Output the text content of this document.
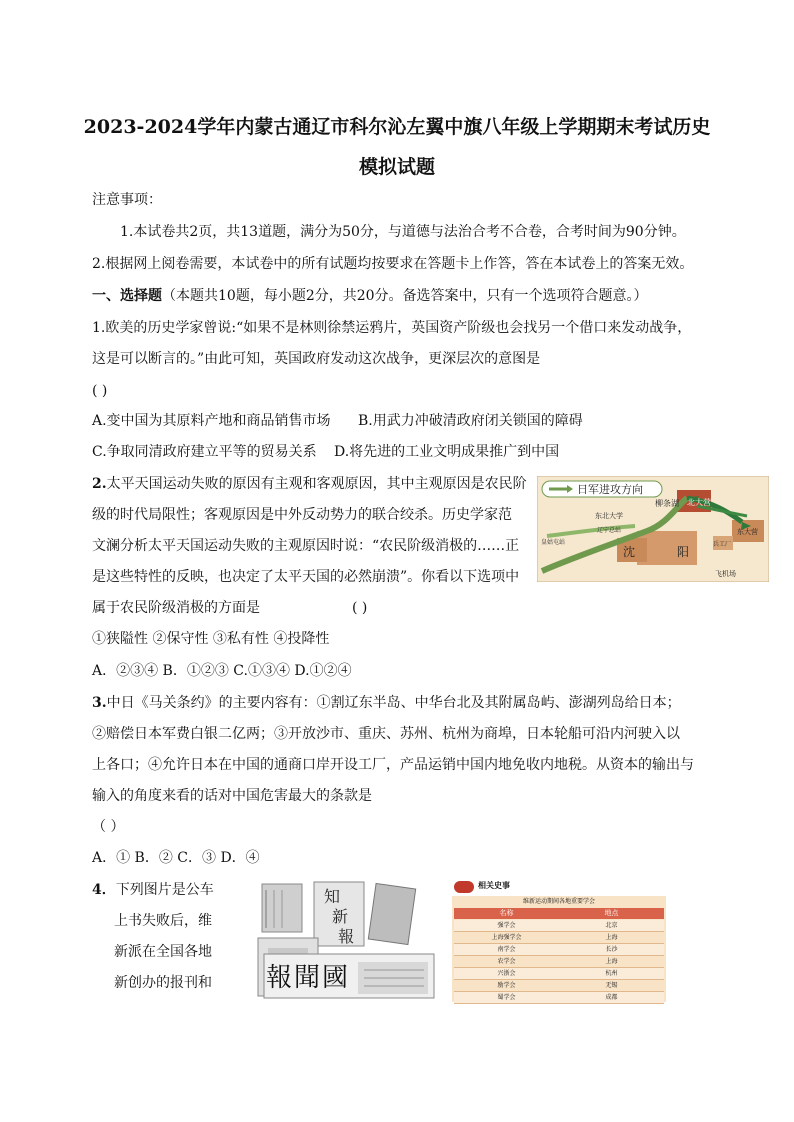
2023-2024学年内蒙古通辽市科尔沁左翼中旗八年级上学期期末考试历史
模拟试题
注意事项：
1.本试卷共2页，共13道题，满分为50分，与道德与法治合考不合卷，合考时间为90分钟。
2.根据网上阅卷需要，本试卷中的所有试题均按要求在答题卡上作答，答在本试卷上的答案无效。
一、选择题（本题共10题，每小题2分，共20分。备选答案中，只有一个选项符合题意。）
1.欧美的历史学家曾说:“如果不是林则徐禁运鸦片，英国资产阶级也会找另一个借口来发动战争，
这是可以断言的。”由此可知，英国政府发动这次战争，更深层次的意图是
( )
A.变中国为其原料产地和商品销售市场 B.用武力冲破清政府闭关锁国的障碍
C.争取同清政府建立平等的贸易关系 D.将先进的工业文明成果推广到中国
2.太平天国运动失败的原因有主观和客观原因，其中主观原因是农民阶
级的时代局限性；客观原因是中外反动势力的联合绞杀。历史学家范
文澜分析太平天国运动失败的主观原因时说：“农民阶级消极的……正
是这些特性的反映，也决定了太平天国的必然崩溃”。你看以下选项中
属于农民阶级消极的方面是	( )
①狭隘性 ②保守性 ③私有性 ④投降性
A．②③④ B．①②③ C.①③④ D.①②④
日军进攻方向
柳条湖 北大营
东北大学
东大营
皇姑屯站
辽宁总站
沈	阳
飞机场
兵工厂
3.中日《马关条约》的主要内容有：①割辽东半岛、中华台北及其附属岛屿、澎湖列岛给日本；
②赔偿日本军费白银二亿两；③开放沙市、重庆、苏州、杭州为商埠，日本轮船可沿内河驶入以
上各口；④允许日本在中国的通商口岸开设工厂，产品运销中国内地免收内地税。从资本的输出与
输入的角度来看的话对中国危害最大的条款是
（ ）
A．① B．② C．③ D．④
4．下列图片是公车
上书失败后，维
新派在全国各地
新创办的报刊和
知
新
報
報 聞 國
相关史事
维新运动期间各地重要学会
名称	地点
强学会	北京
上海强学会	上海
南学会	长沙
农学会	上海
兴浙会	杭州
励学会	无锡
蜀学会	成都
